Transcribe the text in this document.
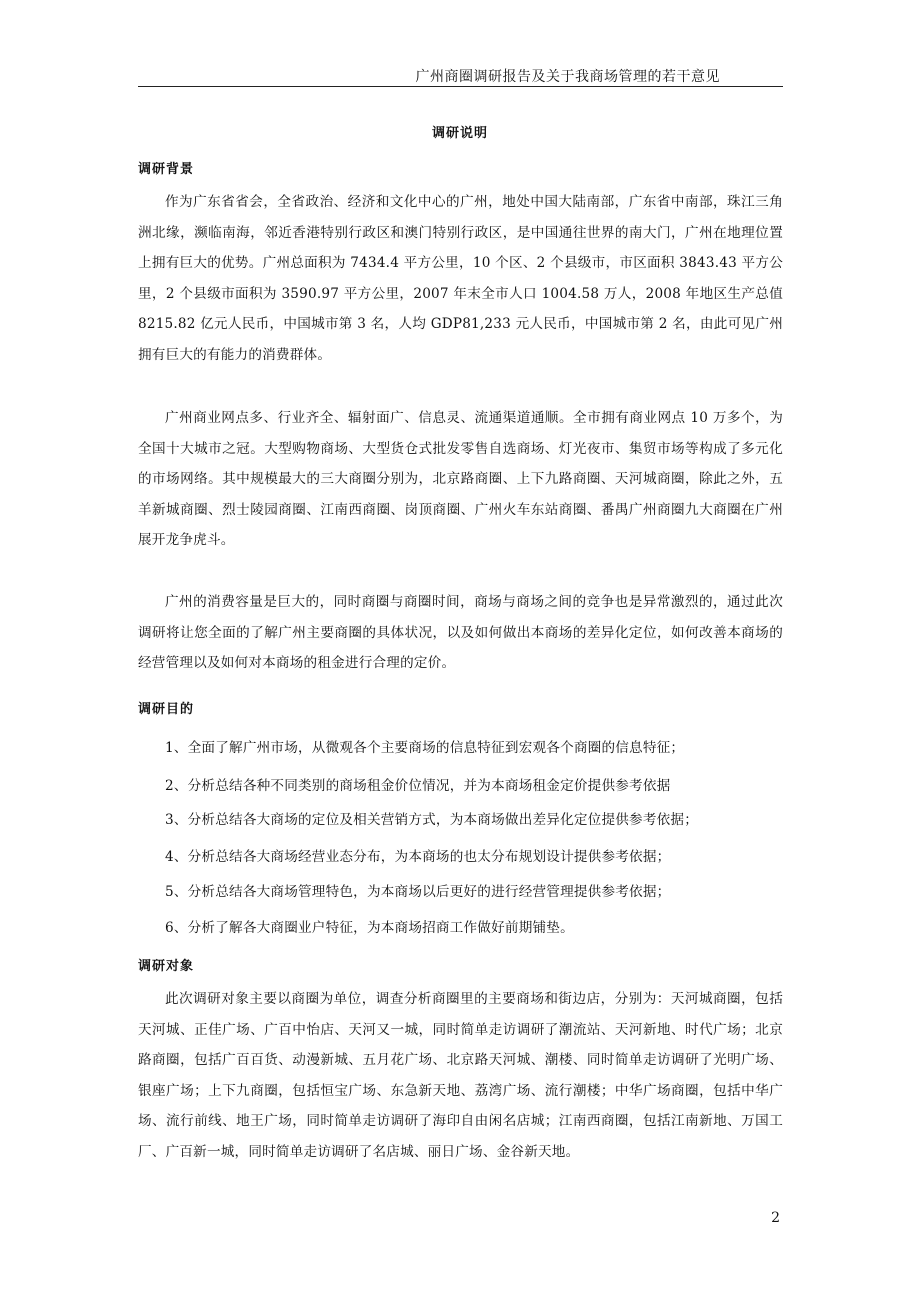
广州商圈调研报告及关于我商场管理的若干意见
调研说明
调研背景
作为广东省省会，全省政治、经济和文化中心的广州，地处中国大陆南部，广东省中南部，珠江三角洲北缘，濒临南海，邻近香港特别行政区和澳门特别行政区，是中国通往世界的南大门，广州在地理位置上拥有巨大的优势。广州总面积为 7434.4 平方公里，10 个区、2 个县级市，市区面积 3843.43 平方公里，2 个县级市面积为 3590.97 平方公里，2007 年末全市人口 1004.58 万人，2008 年地区生产总值 8215.82 亿元人民币，中国城市第 3 名，人均 GDP81,233 元人民币，中国城市第 2 名，由此可见广州拥有巨大的有能力的消费群体。
广州商业网点多、行业齐全、辐射面广、信息灵、流通渠道通顺。全市拥有商业网点 10 万多个，为全国十大城市之冠。大型购物商场、大型货仓式批发零售自选商场、灯光夜市、集贸市场等构成了多元化的市场网络。其中规模最大的三大商圈分别为，北京路商圈、上下九路商圈、天河城商圈，除此之外，五羊新城商圈、烈士陵园商圈、江南西商圈、岗顶商圈、广州火车东站商圈、番禺广州商圈九大商圈在广州展开龙争虎斗。
广州的消费容量是巨大的，同时商圈与商圈时间，商场与商场之间的竞争也是异常激烈的，通过此次调研将让您全面的了解广州主要商圈的具体状况，以及如何做出本商场的差异化定位，如何改善本商场的经营管理以及如何对本商场的租金进行合理的定价。
调研目的
1、全面了解广州市场，从微观各个主要商场的信息特征到宏观各个商圈的信息特征；
2、分析总结各种不同类别的商场租金价位情况，并为本商场租金定价提供参考依据
3、分析总结各大商场的定位及相关营销方式，为本商场做出差异化定位提供参考依据；
4、分析总结各大商场经营业态分布，为本商场的也太分布规划设计提供参考依据；
5、分析总结各大商场管理特色，为本商场以后更好的进行经营管理提供参考依据；
6、分析了解各大商圈业户特征，为本商场招商工作做好前期铺垫。
调研对象
此次调研对象主要以商圈为单位，调查分析商圈里的主要商场和街边店，分别为：天河城商圈，包括天河城、正佳广场、广百中怡店、天河又一城，同时简单走访调研了潮流站、天河新地、时代广场；北京路商圈，包括广百百货、动漫新城、五月花广场、北京路天河城、潮楼、同时简单走访调研了光明广场、银座广场；上下九商圈，包括恒宝广场、东急新天地、荔湾广场、流行潮楼；中华广场商圈，包括中华广场、流行前线、地王广场，同时简单走访调研了海印自由闲名店城；江南西商圈，包括江南新地、万国工厂、广百新一城，同时简单走访调研了名店城、丽日广场、金谷新天地。
2
